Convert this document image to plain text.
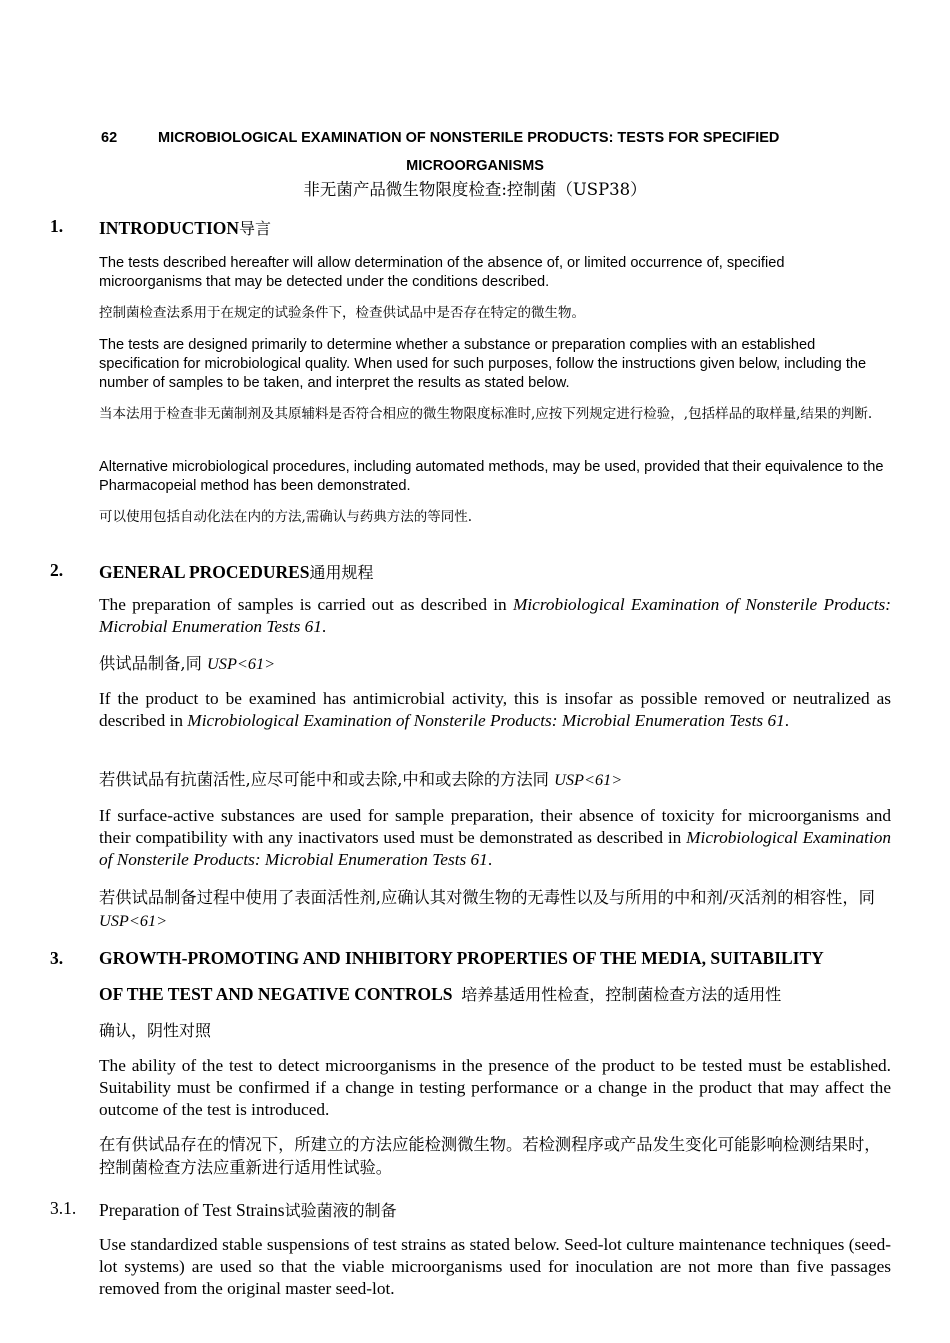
62	MICROBIOLOGICAL EXAMINATION OF NONSTERILE PRODUCTS: TESTS FOR SPECIFIED
MICROORGANISMS
非无菌产品微生物限度检查:控制菌（USP38）
1. INTRODUCTION导言

The tests described hereafter will allow determination of the absence of, or limited occurrence of, specified microorganisms that may be detected under the conditions described.

控制菌检查法系用于在规定的试验条件下，检查供试品中是否存在特定的微生物。

The tests are designed primarily to determine whether a substance or preparation complies with an established specification for microbiological quality. When used for such purposes, follow the instructions given below, including the number of samples to be taken, and interpret the results as stated below.

当本法用于检查非无菌制剂及其原辅料是否符合相应的微生物限度标准时,应按下列规定进行检验，,包括样品的取样量,结果的判断.

Alternative microbiological procedures, including automated methods, may be used, provided that their equivalence to the Pharmacopeial method has been demonstrated.

可以使用包括自动化法在内的方法,需确认与药典方法的等同性.

2. GENERAL PROCEDURES通用规程

The preparation of samples is carried out as described in Microbiological Examination of Nonsterile Products: Microbial Enumeration Tests 61.

供试品制备,同 USP<61>

If the product to be examined has antimicrobial activity, this is insofar as possible removed or neutralized as described in Microbiological Examination of Nonsterile Products: Microbial Enumeration Tests 61.

若供试品有抗菌活性,应尽可能中和或去除,中和或去除的方法同 USP<61>

If surface-active substances are used for sample preparation, their absence of toxicity for microorganisms and their compatibility with any inactivators used must be demonstrated as described in Microbiological Examination of Nonsterile Products: Microbial Enumeration Tests 61.

若供试品制备过程中使用了表面活性剂,应确认其对微生物的无毒性以及与所用的中和剂/灭活剂的相容性，同USP<61>

3. GROWTH-PROMOTING AND INHIBITORY PROPERTIES OF THE MEDIA, SUITABILITY
OF THE TEST AND NEGATIVE CONTROLS 培养基适用性检查，控制菌检查方法的适用性
确认，阴性对照

The ability of the test to detect microorganisms in the presence of the product to be tested must be established. Suitability must be confirmed if a change in testing performance or a change in the product that may affect the outcome of the test is introduced.

在有供试品存在的情况下，所建立的方法应能检测微生物。若检测程序或产品发生变化可能影响检测结果时，控制菌检查方法应重新进行适用性试验。

3.1. Preparation of Test Strains试验菌液的制备

Use standardized stable suspensions of test strains as stated below. Seed-lot culture maintenance techniques (seed- lot systems) are used so that the viable microorganisms used for inoculation are not more than five passages removed from the original master seed-lot.
